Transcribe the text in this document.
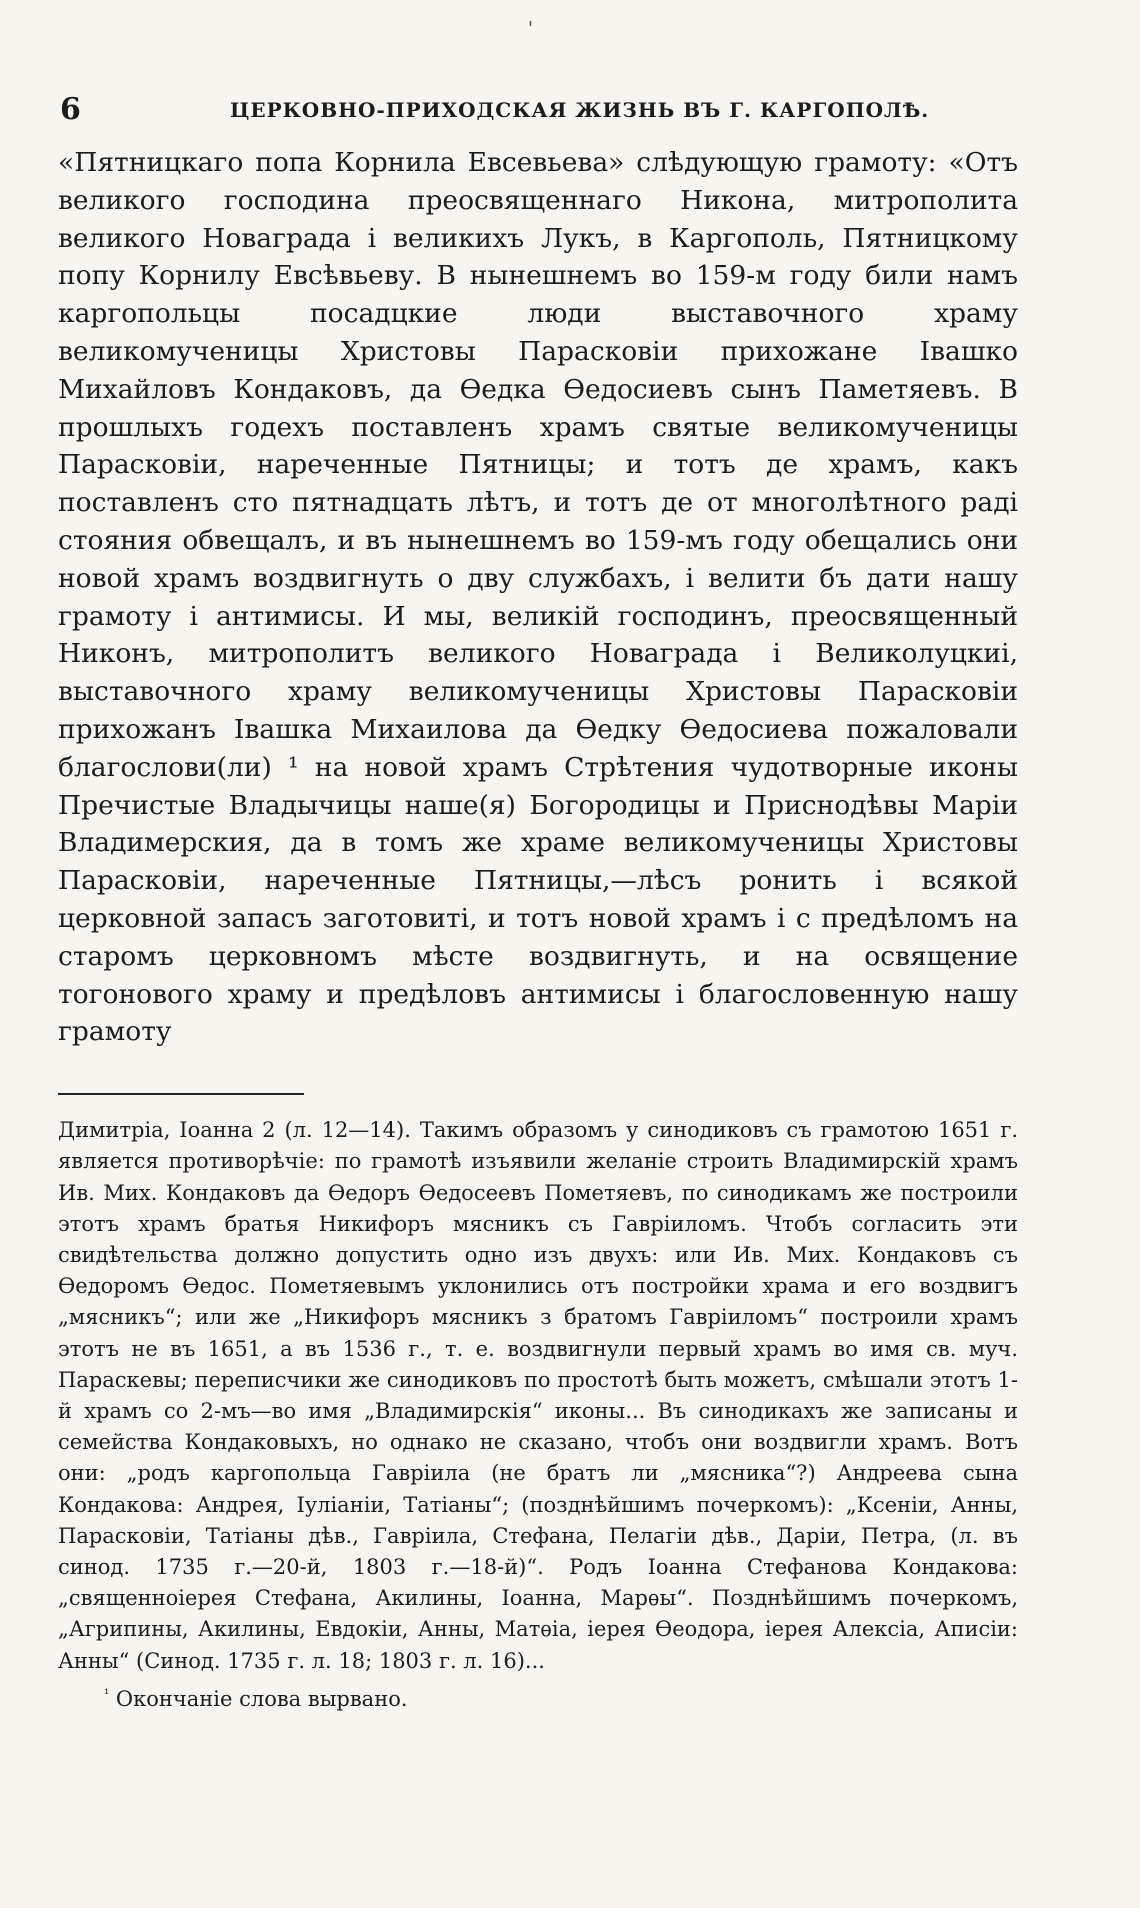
'
6	ЦЕРКОВНО-ПРИХОДСКАЯ ЖИЗНЬ ВЪ Г. КАРГОПОЛѢ.

«Пятницкаго попа Корнила Евсевьева» слѣдующую грамоту: «Отъ великого господина преосвященнаго Никона, митрополита великого Новаграда і великихъ Лукъ, в Каргополь, Пятницкому попу Корнилу Евсѣвьеву. В нынешнемъ во 159-м году били намъ каргопольцы посадцкие люди выставочного храму великомученицы Христовы Парасковіи прихожане Івашко Михайловъ Кондаковъ, да Ѳедка Ѳедосиевъ сынъ Паметяевъ. В прошлыхъ годехъ поставленъ храмъ святые великомученицы Парасковіи, нареченные Пятницы; и тотъ де храмъ, какъ поставленъ сто пятнадцать лѣтъ, и тотъ де от многолѣтного раді стояния обвещалъ, и въ нынешнемъ во 159-мъ году обещались они новой храмъ воздвигнуть о дву службахъ, і велити бъ дати нашу грамоту і антимисы. И мы, великій господинъ, преосвященный Никонъ, митрополитъ великого Новаграда і Великолуцкиі, выставочного храму великомученицы Христовы Парасковіи прихожанъ Івашка Михаилова да Ѳедку Ѳедосиева пожаловали благослови(ли) ¹ на новой храмъ Стрѣтения чудотворные иконы Пречистые Владычицы наше(я) Богородицы и Приснодѣвы Маріи Владимерския, да в томъ же храме великомученицы Христовы Парасковіи, нареченные Пятницы,—лѣсъ ронить і всякой церковной запасъ заготовиті, и тотъ новой храмъ і с предѣломъ на старомъ церковномъ мѣсте воздвигнуть, и на освящение тогонового храму и предѣловъ антимисы і благословенную нашу грамоту

Димитріа, Іоанна 2 (л. 12—14). Такимъ образомъ у синодиковъ съ грамотою 1651 г. является противорѣчіе: по грамотѣ изъявили желаніе строить Владимирскій храмъ Ив. Мих. Кондаковъ да Ѳедоръ Ѳедосеевъ Пометяевъ, по синодикамъ же построили этотъ храмъ братья Никифоръ мясникъ съ Гавріиломъ. Чтобъ согласить эти свидѣтельства должно допустить одно изъ двухъ: или Ив. Мих. Кондаковъ съ Ѳедоромъ Ѳедос. Пометяевымъ уклонились отъ постройки храма и его воздвигъ „мясникъ“; или же „Никифоръ мясникъ з братомъ Гавріиломъ“ построили храмъ этотъ не въ 1651, а въ 1536 г., т. е. воздвигнули первый храмъ во имя св. муч. Параскевы; переписчики же синодиковъ по простотѣ быть можетъ, смѣшали этотъ 1-й храмъ со 2-мъ—во имя „Владимирскія“ иконы... Въ синодикахъ же записаны и семейства Кондаковыхъ, но однако не сказано, чтобъ они воздвигли храмъ. Вотъ они: „родъ каргопольца Гавріила (не братъ ли „мясника“?) Андреева сына Кондакова: Андрея, Іуліаніи, Татіаны“; (позднѣйшимъ почеркомъ): „Ксеніи, Анны, Парасковіи, Татіаны дѣв., Гавріила, Стефана, Пелагіи дѣв., Даріи, Петра, (л. въ синод. 1735 г.—20-й, 1803 г.—18-й)“. Родъ Іоанна Стефанова Кондакова: „священноіерея Стефана, Акилины, Іоанна, Марѳы“. Позднѣйшимъ почеркомъ, „Агрипины, Акилины, Евдокіи, Анны, Матѳіа, іерея Ѳеодора, іерея Алексіа, Аписіи: Анны“ (Синод. 1735 г. л. 18; 1803 г. л. 16)...

$^{^1}$ Окончаніе слова вырвано.
